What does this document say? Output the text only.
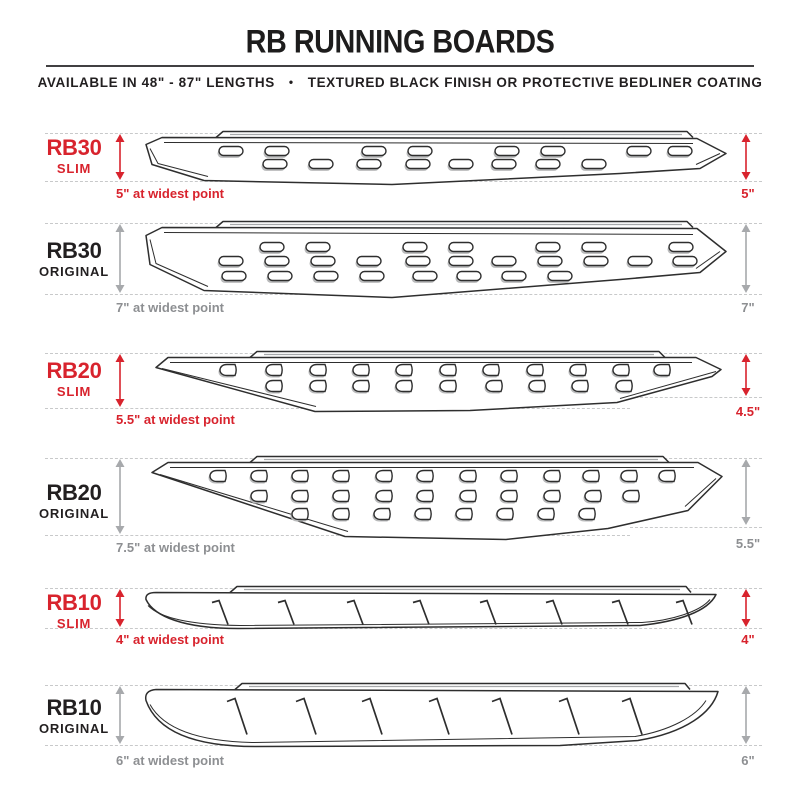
RB RUNNING BOARDS
AVAILABLE IN 48" - 87" LENGTHS • TEXTURED BLACK FINISH OR PROTECTIVE BEDLINER COATING
RB30
SLIM
5" at widest point	5"
RB30
ORIGINAL
7" at widest point	7"
RB20
SLIM
5.5" at widest point
4.5"
RB20
ORIGINAL
7.5" at widest point	5.5"
RB10
SLIM
4" at widest point	4"
RB10
ORIGINAL
6" at widest point	6"
